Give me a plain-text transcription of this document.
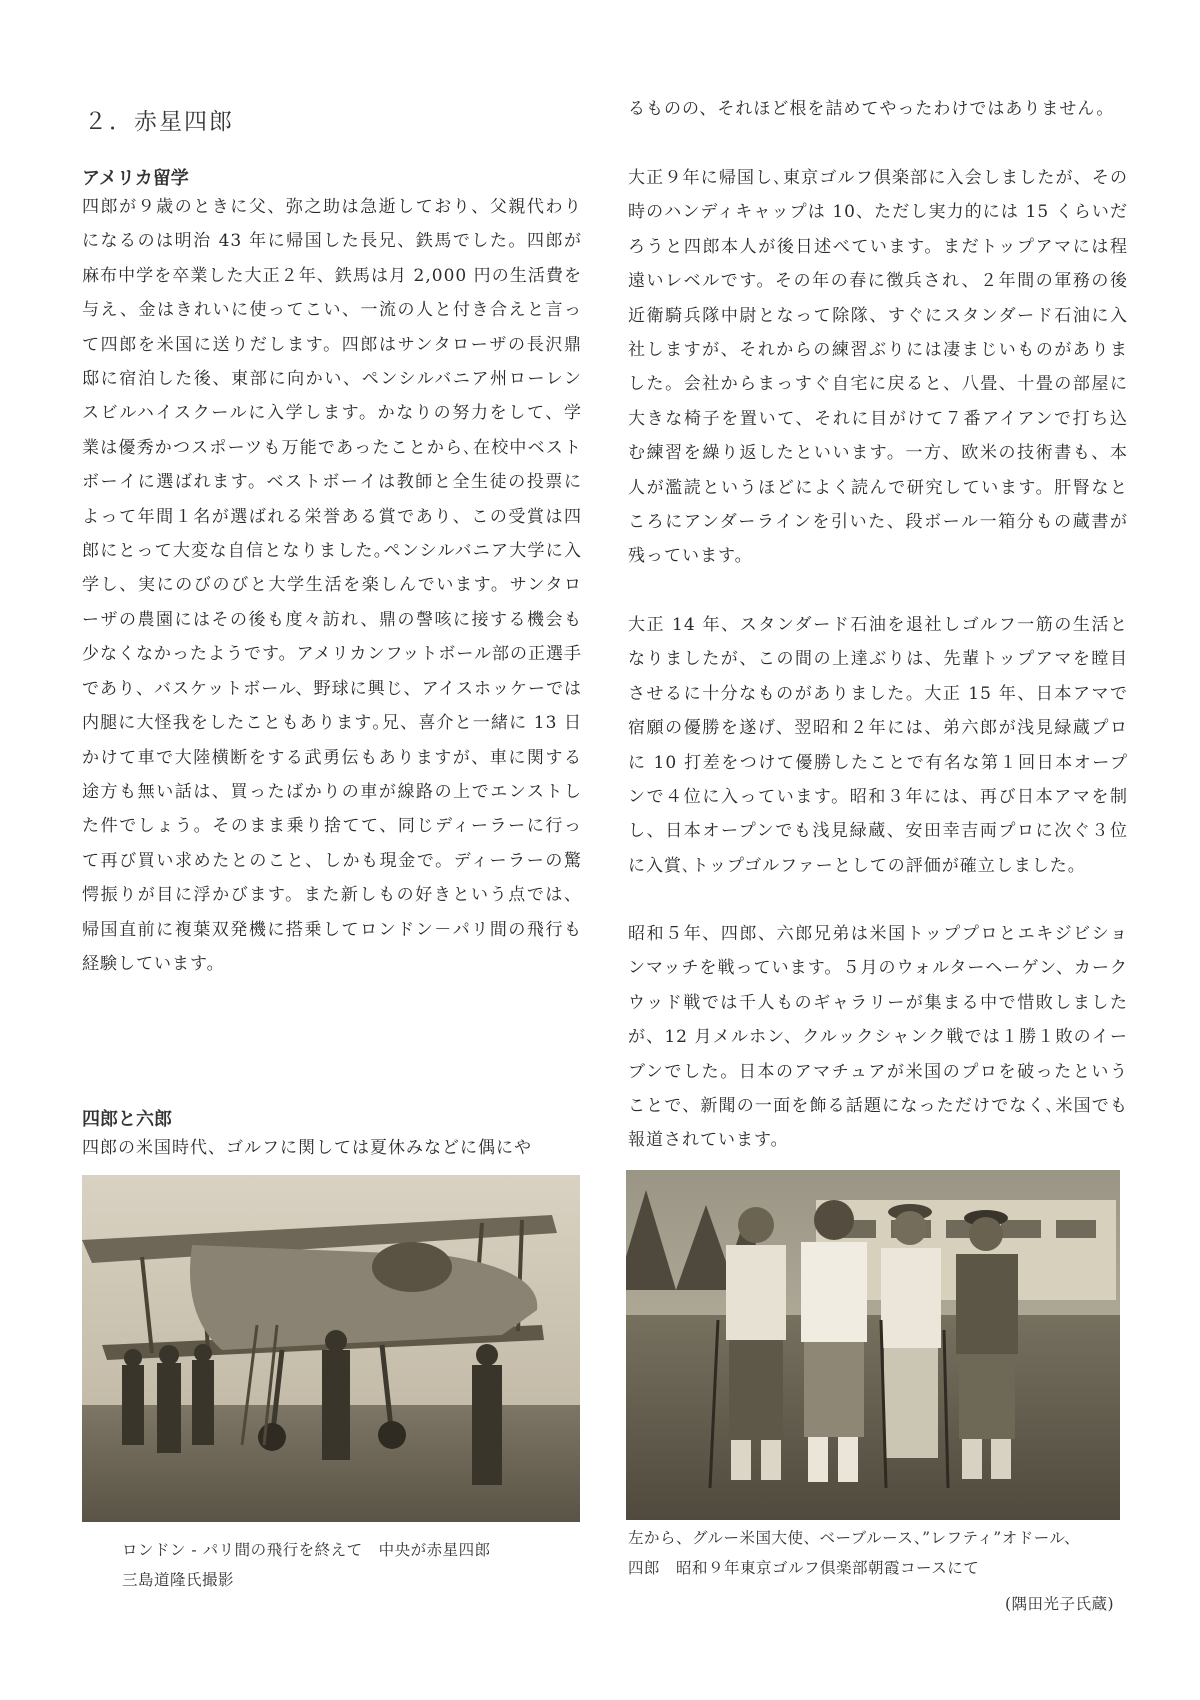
２．赤星四郎
アメリカ留学

四郎が９歳のときに父、弥之助は急逝しており、父親代わりになるのは明治 43 年に帰国した長兄、鉄馬でした。四郎が麻布中学を卒業した大正２年、鉄馬は月 2,000 円の生活費を与え、金はきれいに使ってこい、一流の人と付き合えと言って四郎を米国に送りだします。四郎はサンタローザの長沢鼎邸に宿泊した後、東部に向かい、ペンシルバニア州ローレンスビルハイスクールに入学します。かなりの努力をして、学業は優秀かつスポーツも万能であったことから､在校中ベストボーイに選ばれます。ベストボーイは教師と全生徒の投票によって年間１名が選ばれる栄誉ある賞であり、この受賞は四郎にとって大変な自信となりました｡ペンシルバニア大学に入学し、実にのびのびと大学生活を楽しんでいます。サンタローザの農園にはその後も度々訪れ、鼎の謦咳に接する機会も少なくなかったようです。アメリカンフットボール部の正選手であり、バスケットボール、野球に興じ、アイスホッケーでは内腿に大怪我をしたこともあります｡兄、喜介と一緒に 13 日かけて車で大陸横断をする武勇伝もありますが、車に関する途方も無い話は、買ったばかりの車が線路の上でエンストした件でしょう。そのまま乗り捨てて、同じディーラーに行って再び買い求めたとのこと、しかも現金で。ディーラーの驚愕振りが目に浮かびます。また新しもの好きという点では、帰国直前に複葉双発機に搭乗してロンドン－パリ間の飛行も経験しています。

四郎と六郎

四郎の米国時代、ゴルフに関しては夏休みなどに偶にや

ロンドン - パリ間の飛行を終えて　中央が赤星四郎

三島道隆氏撮影

るものの、それほど根を詰めてやったわけではありません。

大正９年に帰国し､東京ゴルフ倶楽部に入会しましたが、その時のハンディキャップは 10、ただし実力的には 15 くらいだろうと四郎本人が後日述べています。まだトップアマには程遠いレベルです。その年の春に徴兵され、２年間の軍務の後近衛騎兵隊中尉となって除隊、すぐにスタンダード石油に入社しますが、それからの練習ぶりには凄まじいものがありました。会社からまっすぐ自宅に戻ると、八畳、十畳の部屋に大きな椅子を置いて、それに目がけて７番アイアンで打ち込む練習を繰り返したといいます。一方、欧米の技術書も、本人が濫読というほどによく読んで研究しています。肝腎なところにアンダーラインを引いた、段ボール一箱分もの蔵書が残っています。

大正 14 年、スタンダード石油を退社しゴルフ一筋の生活となりましたが、この間の上達ぶりは、先輩トップアマを瞠目させるに十分なものがありました。大正 15 年、日本アマで宿願の優勝を遂げ、翌昭和２年には、弟六郎が浅見緑蔵プロに 10 打差をつけて優勝したことで有名な第１回日本オープンで４位に入っています。昭和３年には、再び日本アマを制し、日本オープンでも浅見緑蔵、安田幸吉両プロに次ぐ３位に入賞､トップゴルファーとしての評価が確立しました。

昭和５年、四郎、六郎兄弟は米国トッププロとエキジビションマッチを戦っています。５月のウォルターヘーゲン、カークウッド戦では千人ものギャラリーが集まる中で惜敗しましたが、12 月メルホン、クルックシャンク戦では１勝１敗のイーブンでした。日本のアマチュアが米国のプロを破ったということで、新聞の一面を飾る話題になっただけでなく､米国でも報道されています。

左から、グルー米国大使、ベーブルース、”レフティ”オドール、

四郎　昭和９年東京ゴルフ倶楽部朝霞コースにて

(隅田光子氏蔵)
